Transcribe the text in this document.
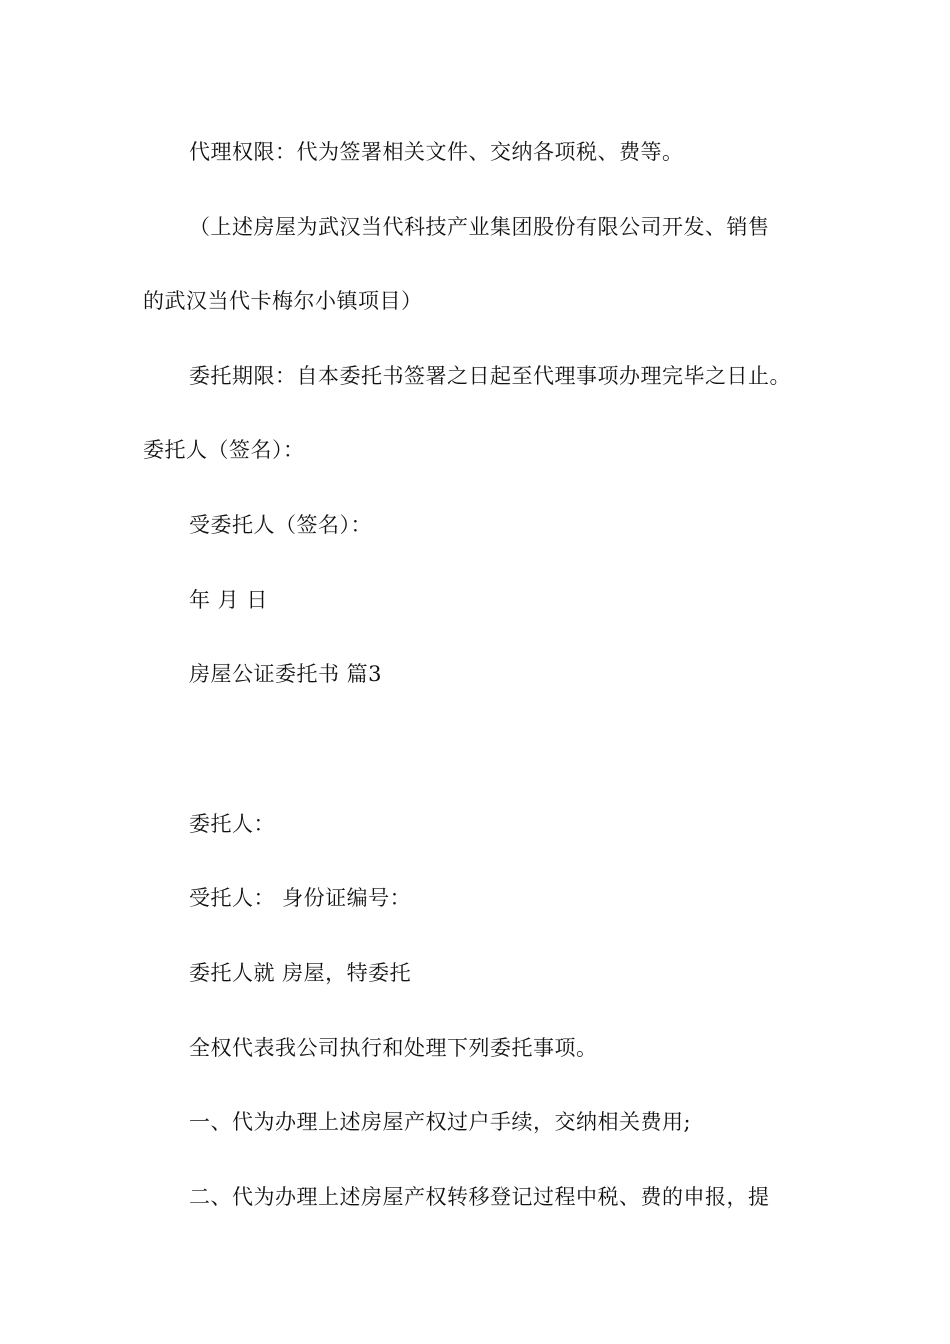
代理权限：代为签署相关文件、交纳各项税、费等。
（上述房屋为武汉当代科技产业集团股份有限公司开发、销售
的武汉当代卡梅尔小镇项目）
委托期限：自本委托书签署之日起至代理事项办理完毕之日止。
委托人（签名）：
受委托人（签名）：
年 月 日
房屋公证委托书 篇3
委托人：
受托人： 身份证编号：
委托人就 房屋，特委托
全权代表我公司执行和处理下列委托事项。
一、代为办理上述房屋产权过户手续，交纳相关费用;
二、代为办理上述房屋产权转移登记过程中税、费的申报，提
